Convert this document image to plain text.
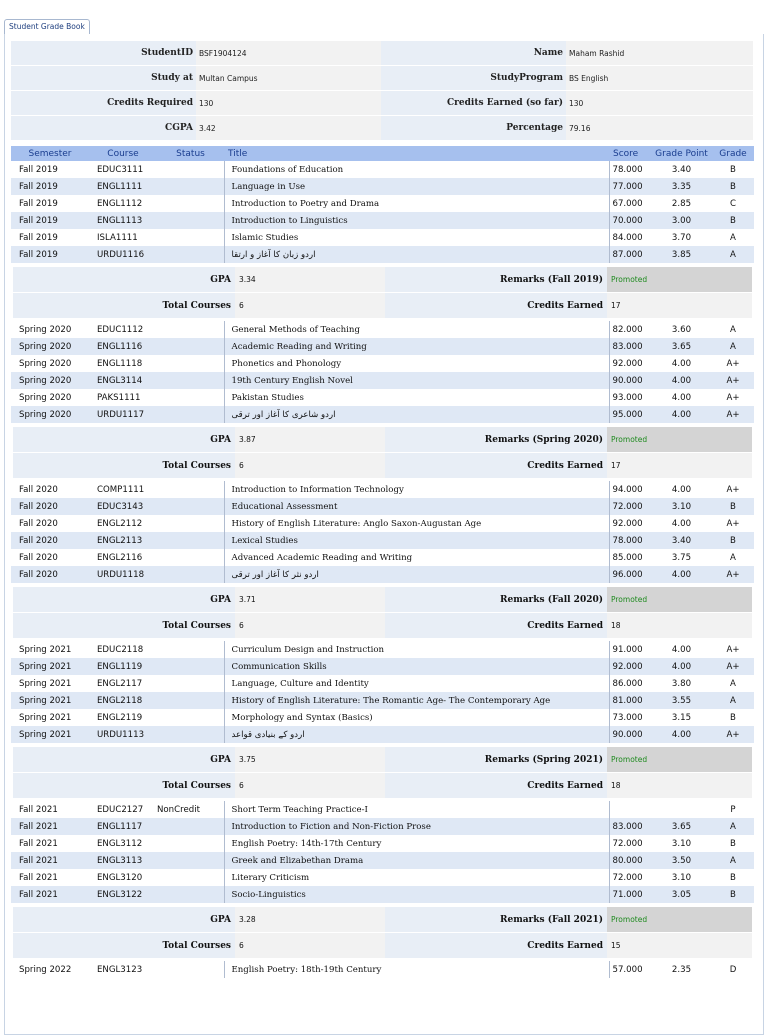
Student Grade Book
StudentID	BSF1904124	Name	Maham Rashid
Study at	Multan Campus	StudyProgram	BS English
Credits Required	130	Credits Earned (so far)	130
CGPA	3.42	Percentage	79.16
Semester	Course	Status	Title	Score	Grade Point	Grade
Fall 2019	EDUC3111		Foundations of Education	78.000	3.40	B
Fall 2019	ENGL1111		Language in Use	77.000	3.35	B
Fall 2019	ENGL1112		Introduction to Poetry and Drama	67.000	2.85	C
Fall 2019	ENGL1113		Introduction to Linguistics	70.000	3.00	B
Fall 2019	ISLA1111		Islamic Studies	84.000	3.70	A
Fall 2019	URDU1116		اردو زبان کا آغاز و ارتقا	87.000	3.85	A

GPA	3.34	Remarks (Fall 2019)	Promoted
Total Courses	6	Credits Earned	17

Spring 2020	EDUC1112		General Methods of Teaching	82.000	3.60	A
Spring 2020	ENGL1116		Academic Reading and Writing	83.000	3.65	A
Spring 2020	ENGL1118		Phonetics and Phonology	92.000	4.00	A+
Spring 2020	ENGL3114		19th Century English Novel	90.000	4.00	A+
Spring 2020	PAKS1111		Pakistan Studies	93.000	4.00	A+
Spring 2020	URDU1117		اردو شاعری کا آغاز اور ترقی	95.000	4.00	A+

GPA	3.87	Remarks (Spring 2020)	Promoted
Total Courses	6	Credits Earned	17

Fall 2020	COMP1111		Introduction to Information Technology	94.000	4.00	A+
Fall 2020	EDUC3143		Educational Assessment	72.000	3.10	B
Fall 2020	ENGL2112		History of English Literature: Anglo Saxon-Augustan Age	92.000	4.00	A+
Fall 2020	ENGL2113		Lexical Studies	78.000	3.40	B
Fall 2020	ENGL2116		Advanced Academic Reading and Writing	85.000	3.75	A
Fall 2020	URDU1118		اردو نثر کا آغاز اور ترقی	96.000	4.00	A+

GPA	3.71	Remarks (Fall 2020)	Promoted
Total Courses	6	Credits Earned	18

Spring 2021	EDUC2118		Curriculum Design and Instruction	91.000	4.00	A+
Spring 2021	ENGL1119		Communication Skills	92.000	4.00	A+
Spring 2021	ENGL2117		Language, Culture and Identity	86.000	3.80	A
Spring 2021	ENGL2118		History of English Literature: The Romantic Age- The Contemporary Age	81.000	3.55	A
Spring 2021	ENGL2119		Morphology and Syntax (Basics)	73.000	3.15	B
Spring 2021	URDU1113		اردو کے بنیادی قواعد	90.000	4.00	A+

GPA	3.75	Remarks (Spring 2021)	Promoted
Total Courses	6	Credits Earned	18

Fall 2021	EDUC2127	NonCredit	Short Term Teaching Practice-I			P
Fall 2021	ENGL1117		Introduction to Fiction and Non-Fiction Prose	83.000	3.65	A
Fall 2021	ENGL3112		English Poetry: 14th-17th Century	72.000	3.10	B
Fall 2021	ENGL3113		Greek and Elizabethan Drama	80.000	3.50	A
Fall 2021	ENGL3120		Literary Criticism	72.000	3.10	B
Fall 2021	ENGL3122		Socio-Linguistics	71.000	3.05	B

GPA	3.28	Remarks (Fall 2021)	Promoted
Total Courses	6	Credits Earned	15

Spring 2022	ENGL3123		English Poetry: 18th-19th Century	57.000	2.35	D
